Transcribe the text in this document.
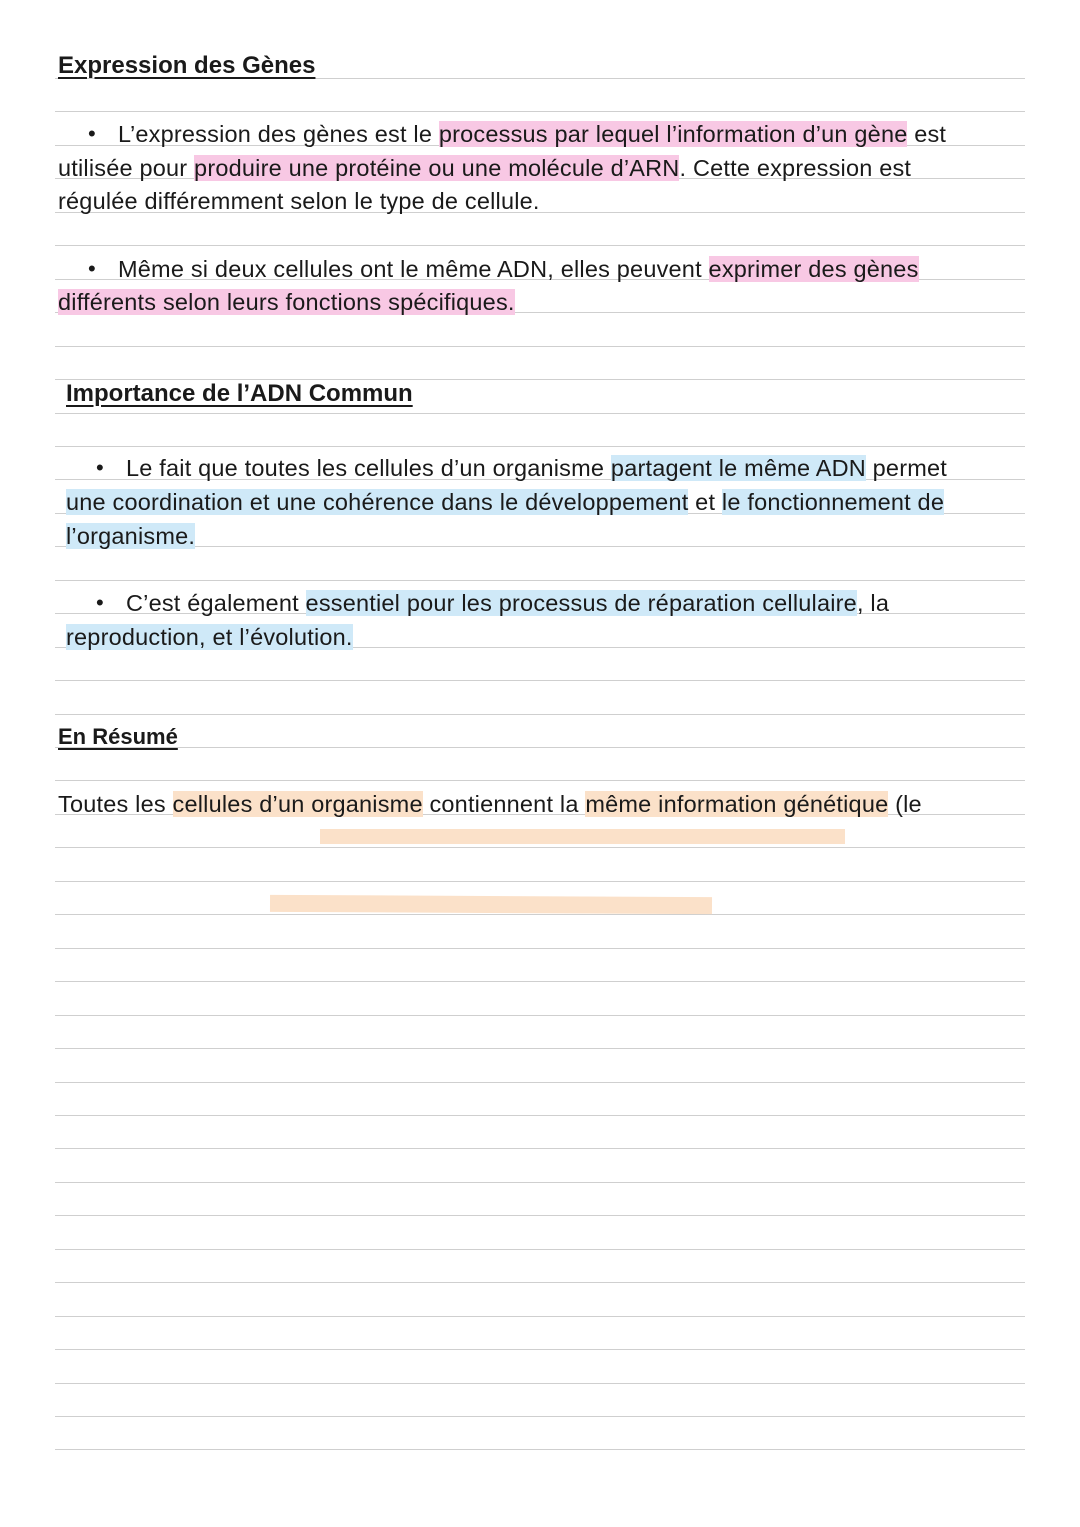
Expression des Gènes
Importance de l’ADN Commun
En Résumé
•
•
•
•
L’expression des gènes est le processus par lequel l’information d’un gène est
utilisée pour produire une protéine ou une molécule d’ARN. Cette expression est
régulée différemment selon le type de cellule.
Même si deux cellules ont le même ADN, elles peuvent exprimer des gènes
différents selon leurs fonctions spécifiques.
Le fait que toutes les cellules d’un organisme partagent le même ADN permet
une coordination et une cohérence dans le développement et le fonctionnement de
l’organisme.
C’est également essentiel pour les processus de réparation cellulaire, la
reproduction, et l’évolution.
Toutes les cellules d’un organisme contiennent la même information génétique (le
